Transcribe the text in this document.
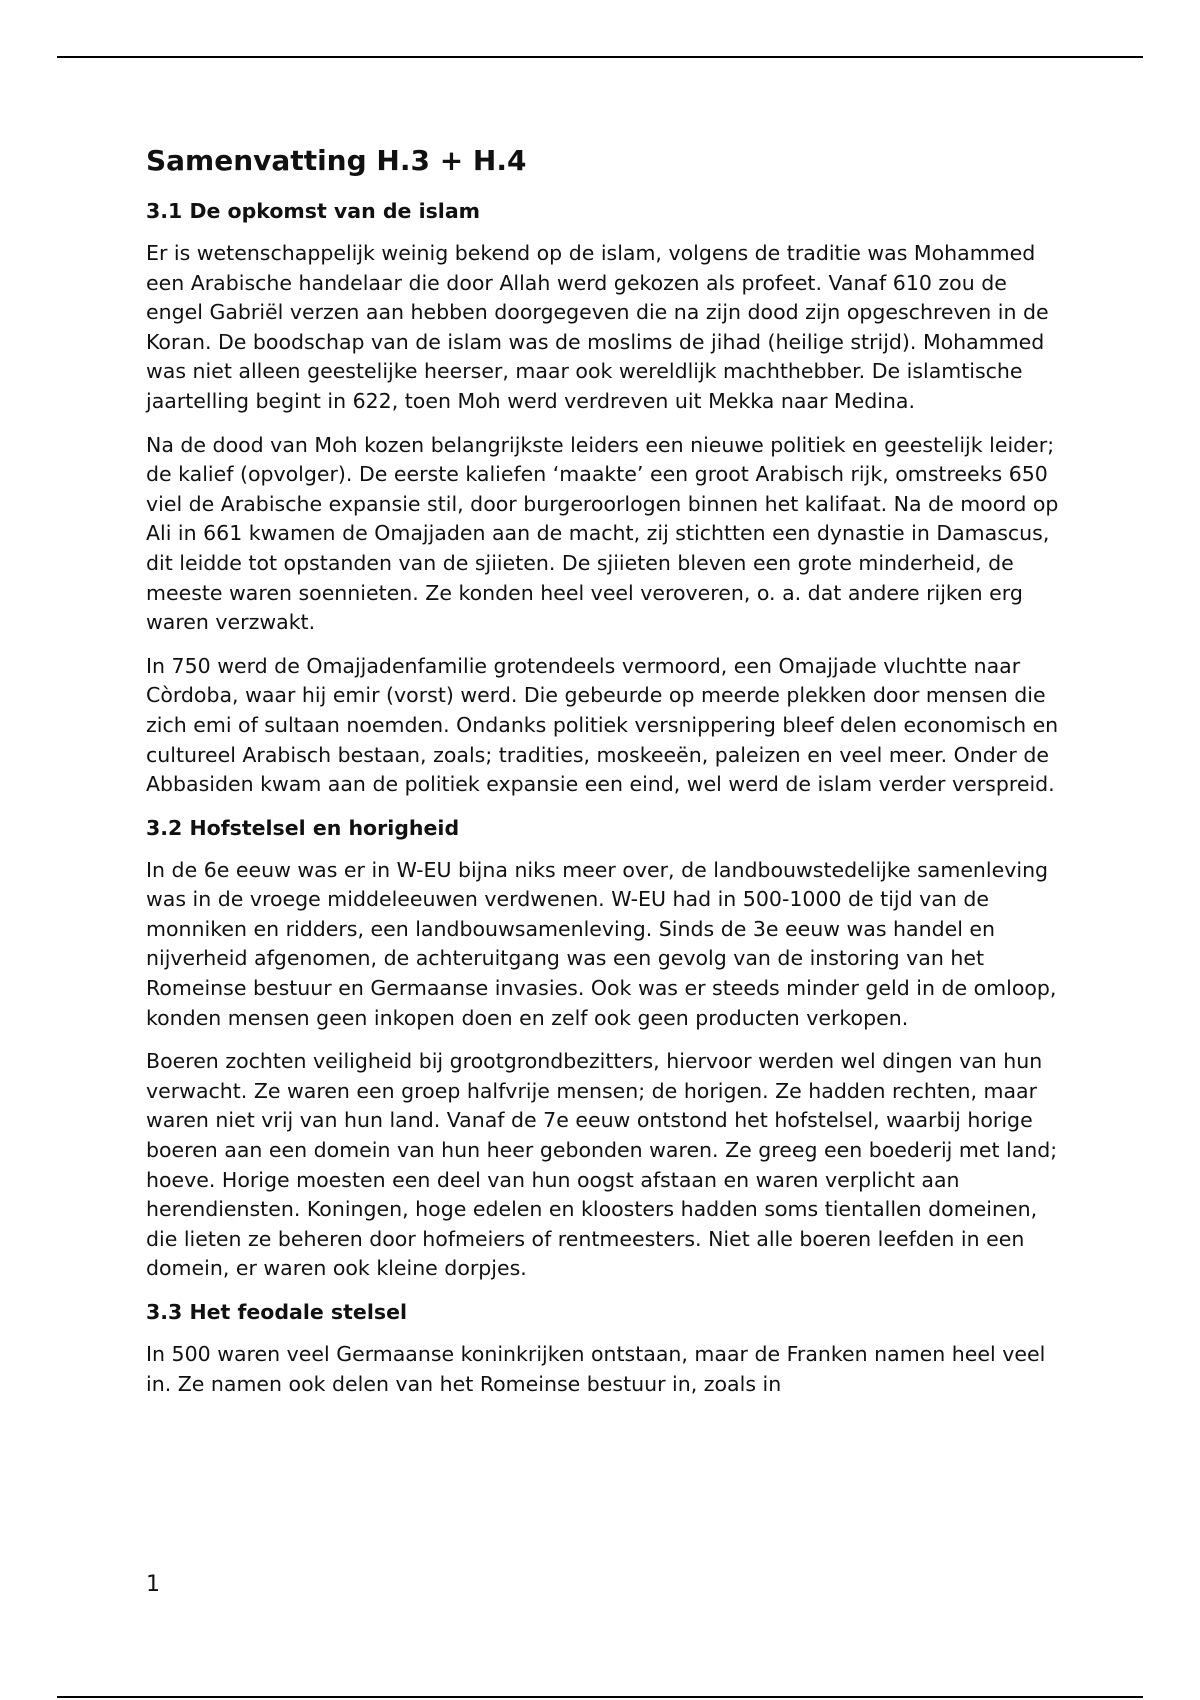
Samenvatting H.3 + H.4
3.1 De opkomst van de islam

Er is wetenschappelijk weinig bekend op de islam, volgens de traditie was Mohammed een Arabische handelaar die door Allah werd gekozen als profeet. Vanaf 610 zou de engel Gabriël verzen aan hebben doorgegeven die na zijn dood zijn opgeschreven in de Koran. De boodschap van de islam was de moslims de jihad (heilige strijd). Mohammed was niet alleen geestelijke heerser, maar ook wereldlijk machthebber. De islamtische jaartelling begint in 622, toen Moh werd verdreven uit Mekka naar Medina.

Na de dood van Moh kozen belangrijkste leiders een nieuwe politiek en geestelijk leider; de kalief (opvolger). De eerste kaliefen ‘maakte’ een groot Arabisch rijk, omstreeks 650 viel de Arabische expansie stil, door burgeroorlogen binnen het kalifaat. Na de moord op Ali in 661 kwamen de Omajjaden aan de macht, zij stichtten een dynastie in Damascus, dit leidde tot opstanden van de sjiieten. De sjiieten bleven een grote minderheid, de meeste waren soennieten. Ze konden heel veel veroveren, o. a. dat andere rijken erg waren verzwakt.

In 750 werd de Omajjadenfamilie grotendeels vermoord, een Omajjade vluchtte naar Còrdoba, waar hij emir (vorst) werd. Die gebeurde op meerde plekken door mensen die zich emi of sultaan noemden. Ondanks politiek versnippering bleef delen economisch en cultureel Arabisch bestaan, zoals; tradities, moskeeën, paleizen en veel meer. Onder de Abbasiden kwam aan de politiek expansie een eind, wel werd de islam verder verspreid.

3.2 Hofstelsel en horigheid

In de 6e eeuw was er in W-EU bijna niks meer over, de landbouwstedelijke samenleving was in de vroege middeleeuwen verdwenen. W-EU had in 500-1000 de tijd van de monniken en ridders, een landbouwsamenleving. Sinds de 3e eeuw was handel en nijverheid afgenomen, de achteruitgang was een gevolg van de instoring van het Romeinse bestuur en Germaanse invasies. Ook was er steeds minder geld in de omloop, konden mensen geen inkopen doen en zelf ook geen producten verkopen.

Boeren zochten veiligheid bij grootgrondbezitters, hiervoor werden wel dingen van hun verwacht. Ze waren een groep halfvrije mensen; de horigen. Ze hadden rechten, maar waren niet vrij van hun land. Vanaf de 7e eeuw ontstond het hofstelsel, waarbij horige boeren aan een domein van hun heer gebonden waren. Ze greeg een boederij met land; hoeve. Horige moesten een deel van hun oogst afstaan en waren verplicht aan herendiensten. Koningen, hoge edelen en kloosters hadden soms tientallen domeinen, die lieten ze beheren door hofmeiers of rentmeesters. Niet alle boeren leefden in een domein, er waren ook kleine dorpjes.

3.3 Het feodale stelsel

In 500 waren veel Germaanse koninkrijken ontstaan, maar de Franken namen heel veel in. Ze namen ook delen van het Romeinse bestuur in, zoals in

1
